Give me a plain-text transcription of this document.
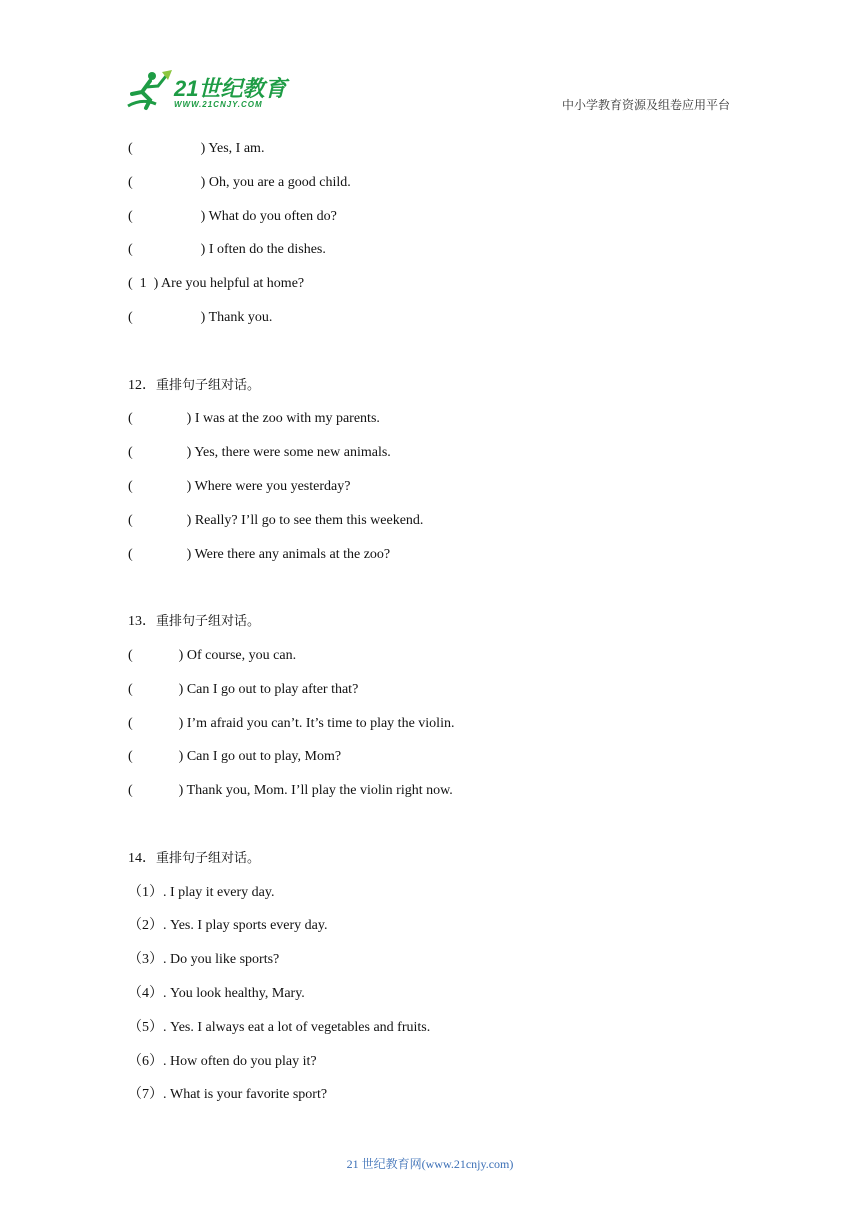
21世纪教育
WWW.21CNJY.COM	中小学教育资源及组卷应用平台
(	) Yes, I am.
(	) Oh, you are a good child.
(	) What do you often do?
(	) I often do the dishes.
(  1 ) Are you helpful at home?
(	) Thank you.
12．重排句子组对话。
(	) I was at the zoo with my parents.
(	) Yes, there were some new animals.
(	) Where were you yesterday?
(	) Really? I’ll go to see them this weekend.
(	) Were there any animals at the zoo?
13．重排句子组对话。
(	) Of course, you can.
(	) Can I go out to play after that?
(	) I’m afraid you can’t. It’s time to play the violin.
(	) Can I go out to play, Mom?
(	) Thank you, Mom. I’ll play the violin right now.
14．重排句子组对话。
（1）. I play it every day.
（2）. Yes. I play sports every day.
（3）. Do you like sports?
（4）. You look healthy, Mary.
（5）. Yes. I always eat a lot of vegetables and fruits.
（6）. How often do you play it?
（7）. What is your favorite sport?
21 世纪教育网(www.21cnjy.com)
